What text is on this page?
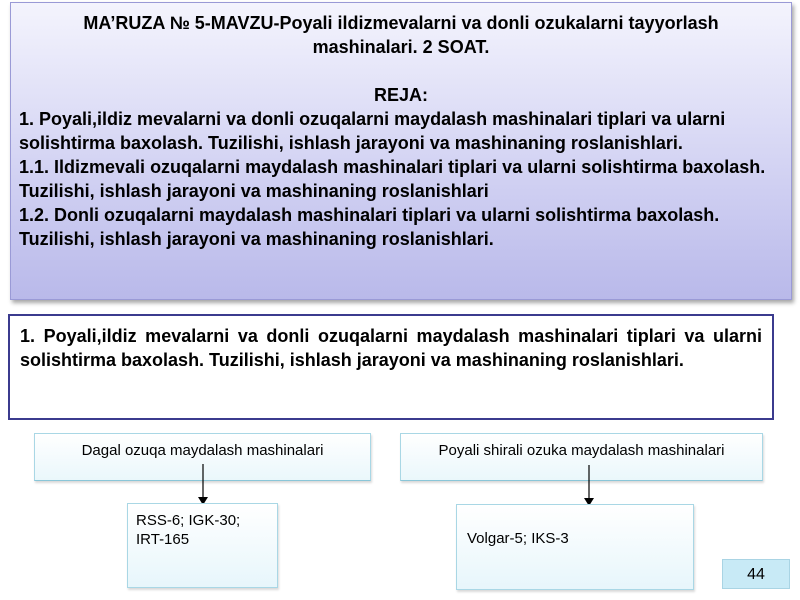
MA’RUZA № 5-MAVZU-Poyali ildizmevalarni va donli ozukalarni tayyorlash mashinalari. 2 SOAT.
REJA:
1. Poyali,ildiz mevalarni va donli ozuqalarni maydalash mashinalari tiplari va ularni solishtirma baxolash. Tuzilishi, ishlash jarayoni va mashinaning roslanishlari.
1.1. Ildizmevali ozuqalarni maydalash mashinalari tiplari va ularni solishtirma baxolash. Tuzilishi, ishlash jarayoni va mashinaning roslanishlari
1.2. Donli ozuqalarni maydalash mashinalari tiplari va ularni solishtirma baxolash. Tuzilishi, ishlash jarayoni va mashinaning roslanishlari.
1. Poyali,ildiz mevalarni va donli ozuqalarni maydalash mashinalari tiplari va ularni solishtirma baxolash. Tuzilishi, ishlash jarayoni va mashinaning roslanishlari.
Dagal ozuqa maydalash mashinalari	Poyali shirali ozuka maydalash mashinalari
RSS-6; IGK-30;
IRT-165	Volgar-5; IKS-3
44
